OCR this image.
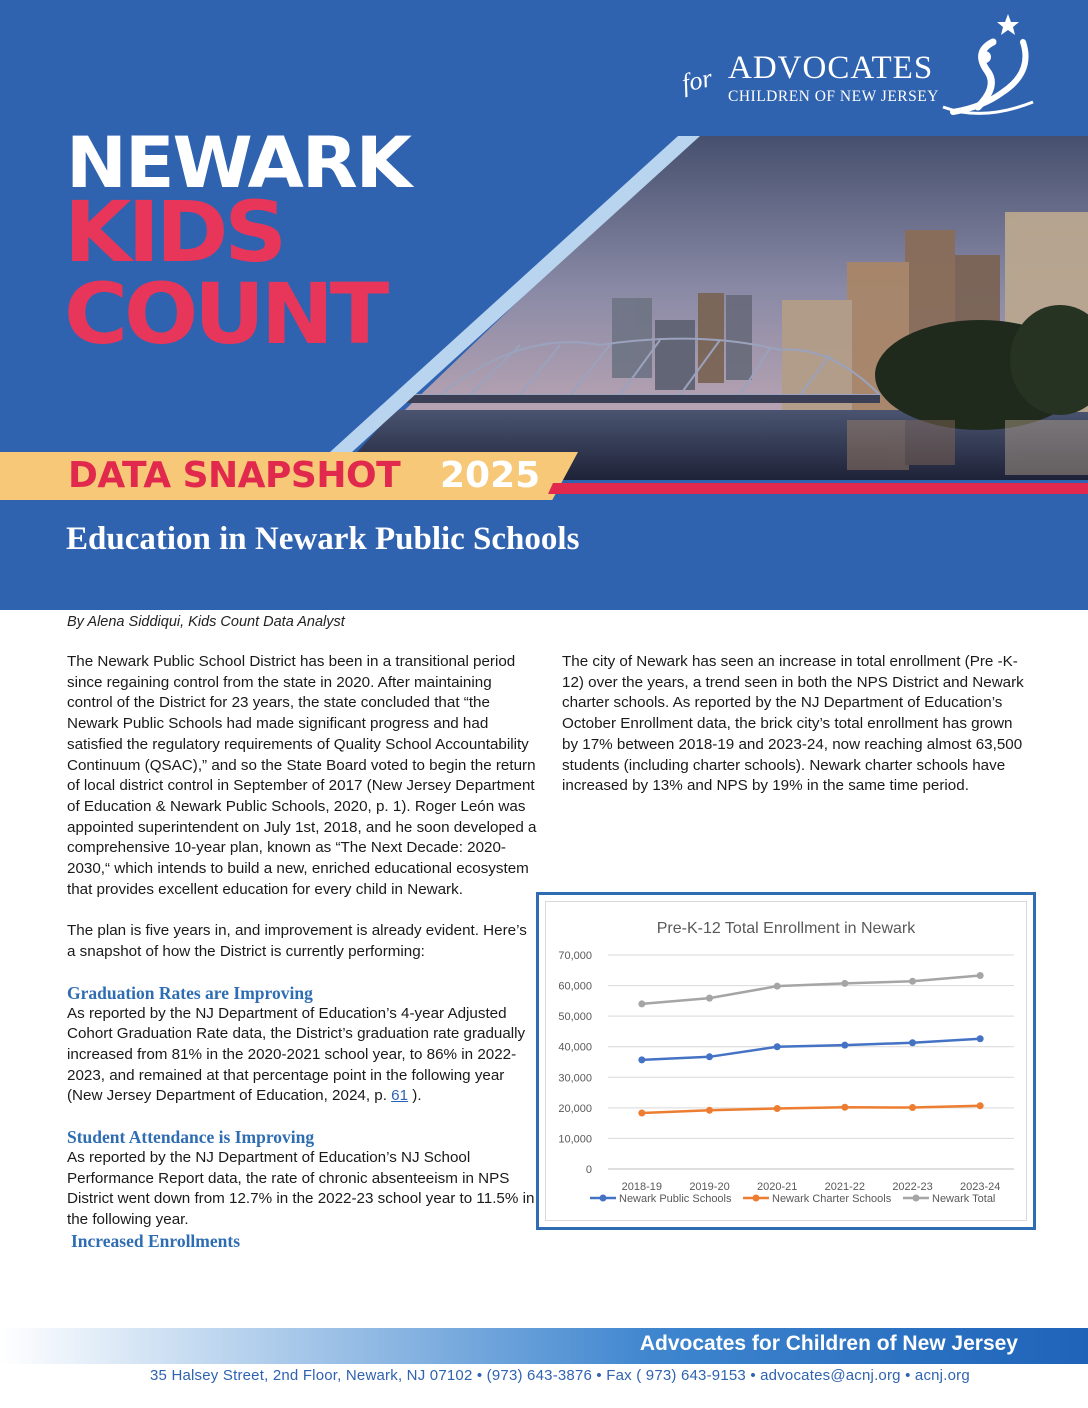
for ADVOCATES
CHILDREN OF NEW JERSEY
NEWARK
KIDS
COUNT
DATA SNAPSHOT 2025
Education in Newark Public Schools
By Alena Siddiqui, Kids Count Data Analyst

The Newark Public School District has been in a transitional period since regaining control from the state in 2020. After maintaining control of the District for 23 years, the state concluded that “the Newark Public Schools had made significant progress and had satisfied the regulatory requirements of Quality School Accountability Continuum (QSAC),” and so the State Board voted to begin the return of local district control in September of 2017 (New Jersey Department of Education & Newark Public Schools, 2020, p. 1). Roger León was appointed superintendent on July 1st, 2018, and he soon developed a comprehensive 10-year plan, known as “The Next Decade: 2020-2030,“ which intends to build a new, enriched educational ecosystem that provides excellent education for every child in Newark.

The plan is five years in, and improvement is already evident. Here’s a snapshot of how the District is currently performing:

Graduation Rates are Improving

As reported by the NJ Department of Education’s 4-year Adjusted Cohort Graduation Rate data, the District’s graduation rate gradually increased from 81% in the 2020-2021 school year, to 86% in 2022-2023, and remained at that percentage point in the following year (New Jersey Department of Education, 2024, p. 61 ).

Student Attendance is Improving

As reported by the NJ Department of Education’s NJ School Performance Report data, the rate of chronic absenteeism in NPS District went down from 12.7% in the 2022-23 school year to 11.5% in the following year.

Increased Enrollments

The city of Newark has seen an increase in total enrollment (Pre -K-12) over the years, a trend seen in both the NPS District and Newark charter schools. As reported by the NJ Department of Education’s October Enrollment data, the brick city’s total enrollment has grown by 17% between 2018-19 and 2023-24, now reaching almost 63,500 students (including charter schools). Newark charter schools have increased by 13% and NPS by 19% in the same time period.

Pre-K-12 Total Enrollment in Newark
0
10,000
20,000
30,000
40,000
50,000
60,000
70,000
2018-19 2019-20 2020-21 2021-22 2022-23 2023-24
Newark Public Schools	Newark Charter Schools	Newark Total
Advocates for Children of New Jersey
35 Halsey Street, 2nd Floor, Newark, NJ 07102 • (973) 643-3876 • Fax ( 973) 643-9153 • advocates@acnj.org • acnj.org
